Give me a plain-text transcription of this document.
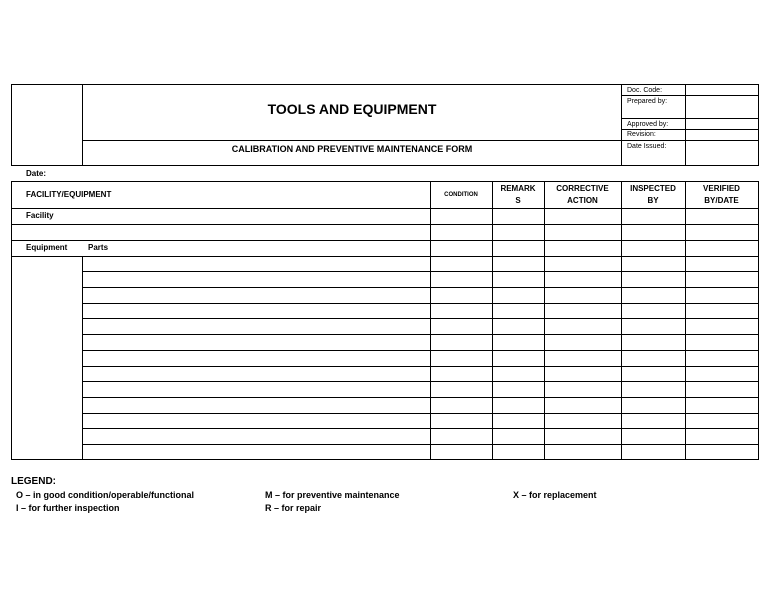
TOOLS AND EQUIPMENT
CALIBRATION AND PREVENTIVE MAINTENANCE FORM
Doc. Code:
Prepared by:
Approved by:
Revision:
Date Issued:
Date:
FACILITY/EQUIPMENT	CONDITION
REMARK
S
CORRECTIVE
ACTION
INSPECTED
BY
VERIFIED
BY/DATE
Facility
Equipment	Parts
LEGEND:
O – in good condition/operable/functional
I – for further inspection
M – for preventive maintenance
R – for repair
X – for replacement
